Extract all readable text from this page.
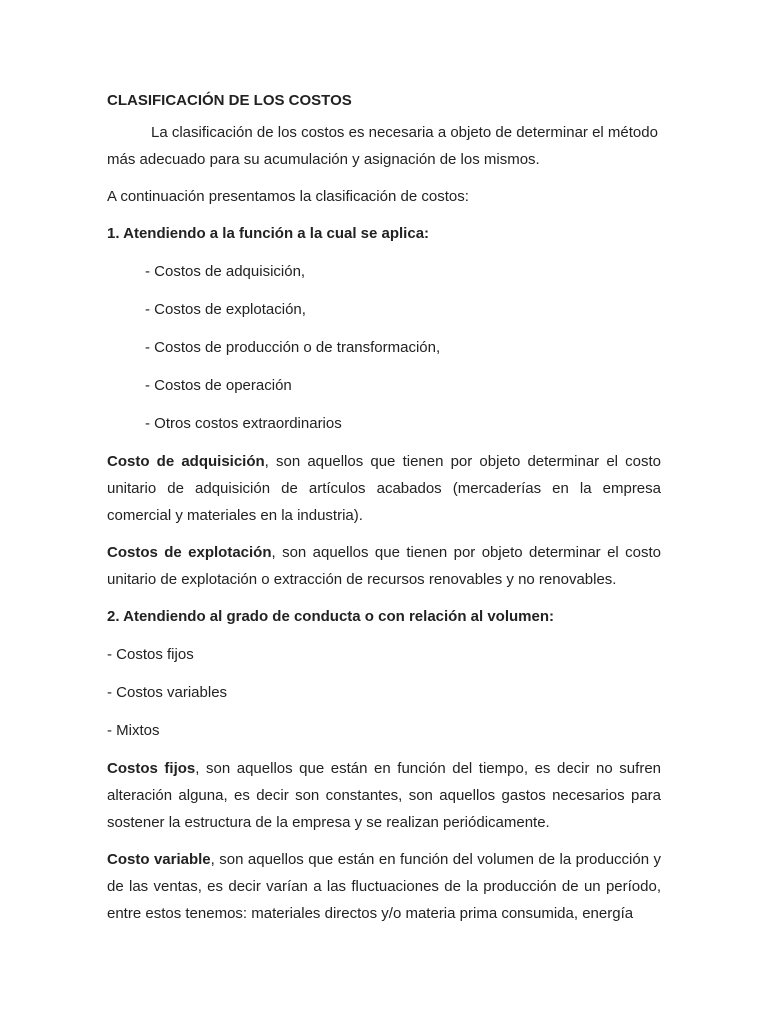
CLASIFICACIÓN DE LOS COSTOS

La clasificación de los costos es necesaria a objeto de determinar el método más adecuado para su acumulación y asignación de los mismos.

A continuación presentamos la clasificación de costos:

1. Atendiendo a la función a la cual se aplica:
- Costos de adquisición,
- Costos de explotación,
- Costos de producción o de transformación,
- Costos de operación
- Otros costos extraordinarios

Costo de adquisición, son aquellos que tienen por objeto determinar el costo unitario de adquisición de artículos acabados (mercaderías en la empresa comercial y materiales en la industria).

Costos de explotación, son aquellos que tienen por objeto determinar el costo unitario de explotación o extracción de recursos renovables y no renovables.

2. Atendiendo al grado de conducta o con relación al volumen:
- Costos fijos
- Costos variables
- Mixtos

Costos fijos, son aquellos que están en función del tiempo, es decir no sufren alteración alguna, es decir son constantes, son aquellos gastos necesarios para sostener la estructura de la empresa y se realizan periódicamente.

Costo variable, son aquellos que están en función del volumen de la producción y de las ventas, es decir varían a las fluctuaciones de la producción de un período, entre estos tenemos: materiales directos y/o materia prima consumida, energía
